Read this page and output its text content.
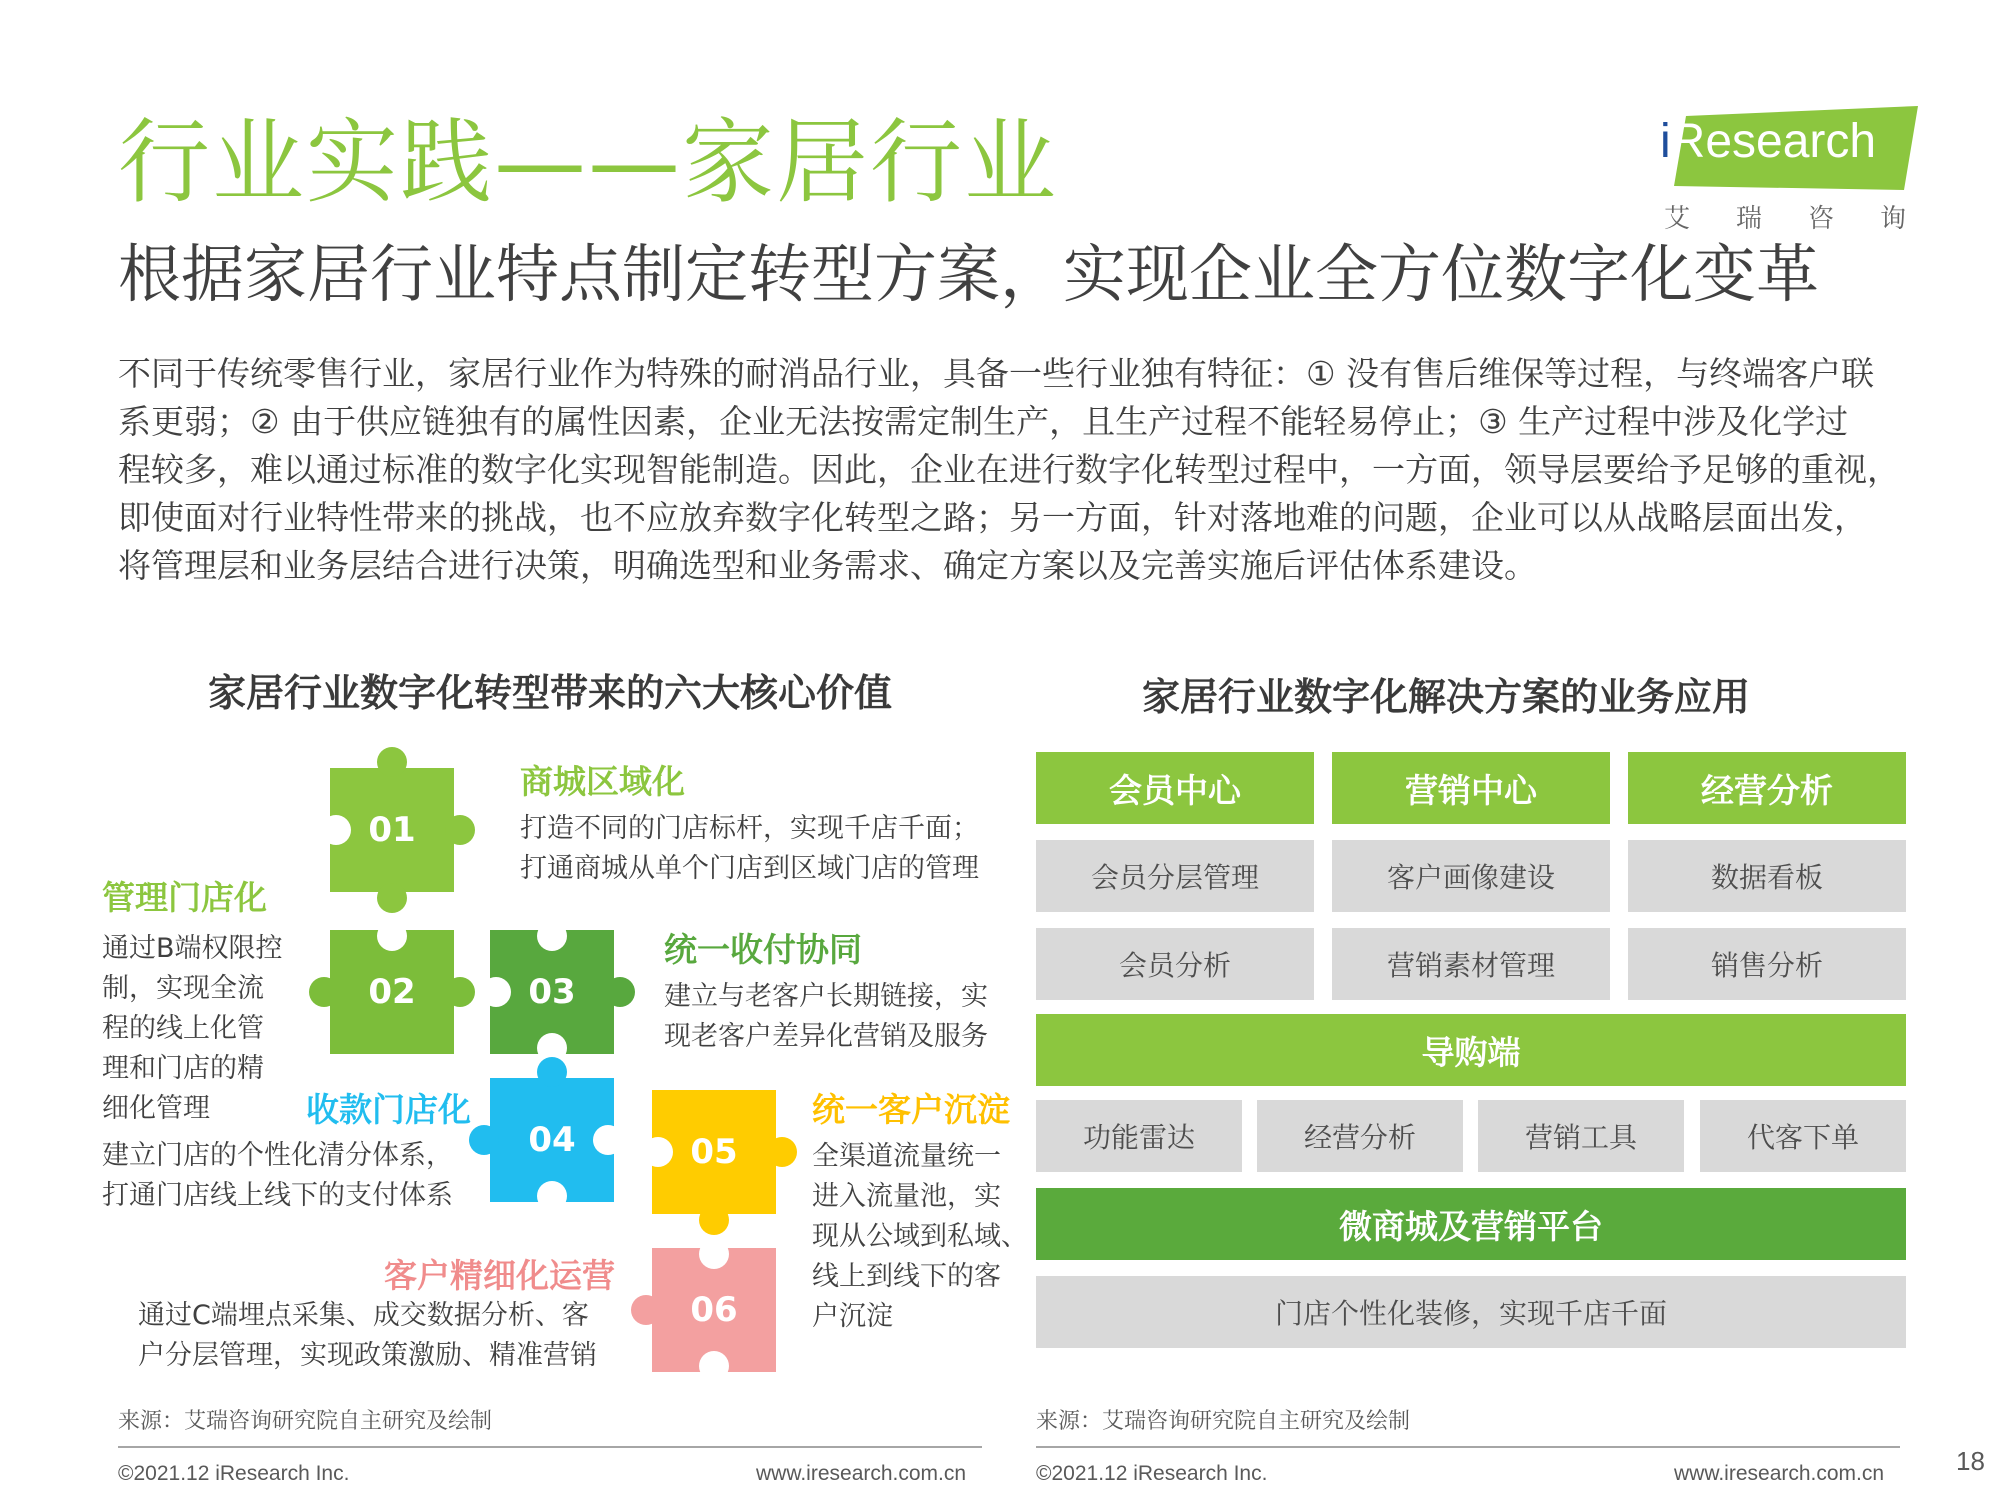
行业实践——家居行业
根据家居行业特点制定转型方案，实现企业全方位数字化变革
iResearch
艾瑞咨询

不同于传统零售行业，家居行业作为特殊的耐消品行业，具备一些行业独有特征：① 没有售后维保等过程，与终端客户联

系更弱；② 由于供应链独有的属性因素，企业无法按需定制生产，且生产过程不能轻易停止；③ 生产过程中涉及化学过

程较多，难以通过标准的数字化实现智能制造。因此，企业在进行数字化转型过程中，一方面，领导层要给予足够的重视，

即使面对行业特性带来的挑战，也不应放弃数字化转型之路；另一方面，针对落地难的问题，企业可以从战略层面出发，

将管理层和业务层结合进行决策，明确选型和业务需求、确定方案以及完善实施后评估体系建设。

家居行业数字化转型带来的六大核心价值
01
02	03
04	05
06
商城区域化
打造不同的门店标杆，实现千店千面；
打通商城从单个门店到区域门店的管理
管理门店化
通过B端权限控
制，实现全流
程的线上化管
理和门店的精
细化管理
统一收付协同
建立与老客户长期链接，实
现老客户差异化营销及服务
收款门店化
建立门店的个性化清分体系，
打通门店线上线下的支付体系
统一客户沉淀
全渠道流量统一
进入流量池，实
现从公域到私域、
线上到线下的客
户沉淀
客户精细化运营
通过C端埋点采集、成交数据分析、客
户分层管理，实现政策激励、精准营销
家居行业数字化解决方案的业务应用
会员中心	营销中心	经营分析
会员分层管理	客户画像建设	数据看板
会员分析	营销素材管理	销售分析
导购端
功能雷达	经营分析	营销工具	代客下单
微商城及营销平台
门店个性化装修，实现千店千面
来源：艾瑞咨询研究院自主研究及绘制	来源：艾瑞咨询研究院自主研究及绘制
©2021.12 iResearch Inc.	www.iresearch.com.cn	©2021.12 iResearch Inc.	www.iresearch.com.cn	18
